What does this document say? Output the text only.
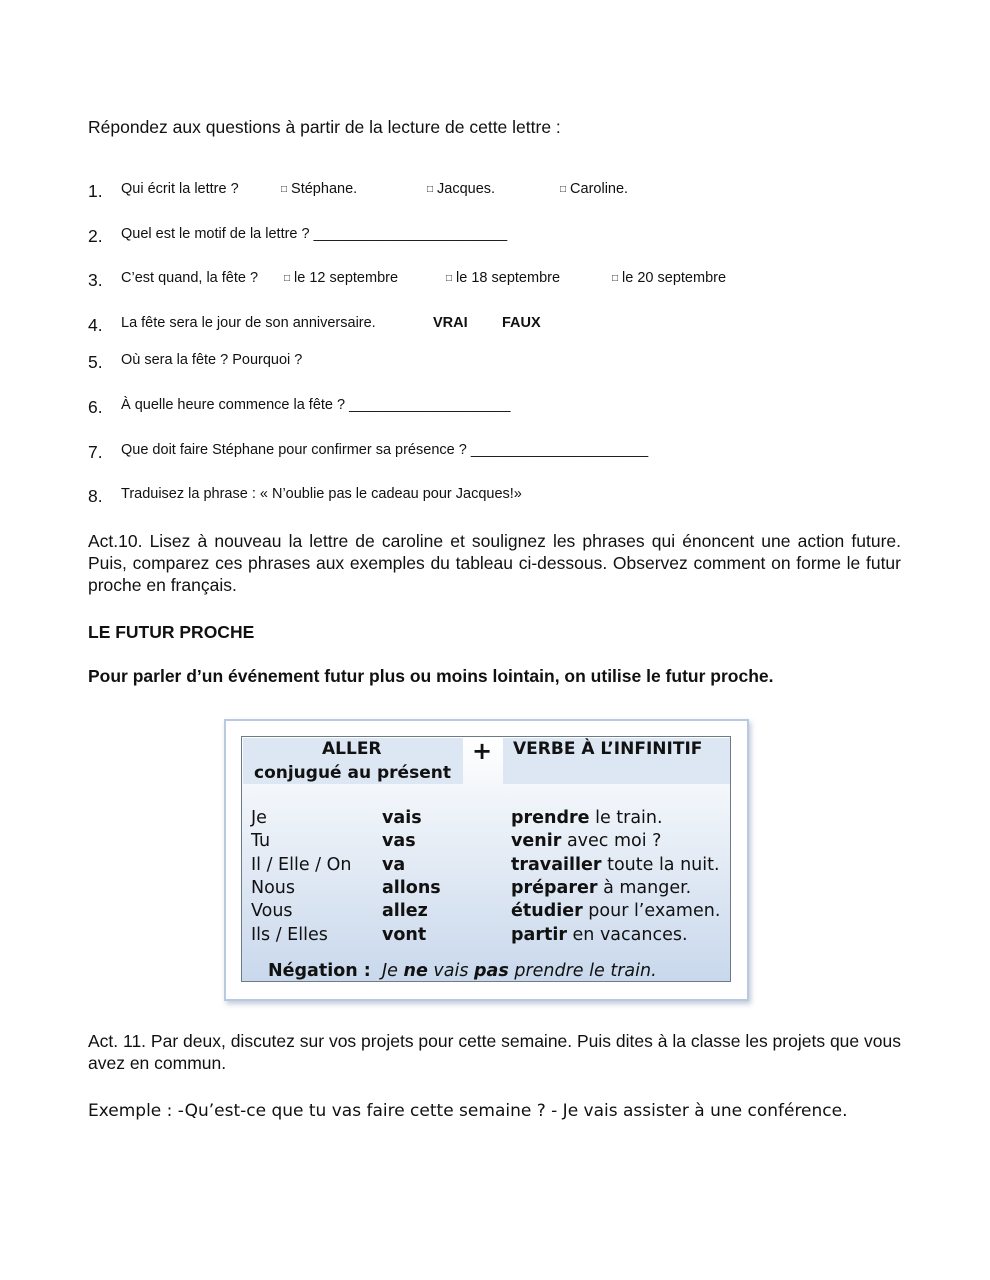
Répondez aux questions à partir de la lecture de cette lettre :
1. Qui écrit la lettre ?	□ Stéphane.	□ Jacques.	□ Caroline.
2. Quel est le motif de la lettre ? ________________________
3. C’est quand, la fête ?	□ le 12 septembre	□ le 18 septembre	□ le 20 septembre
4. La fête sera le jour de son anniversaire.	VRAI FAUX
5. Où sera la fête ? Pourquoi ?
6. À quelle heure commence la fête ? ____________________
7. Que doit faire Stéphane pour confirmer sa présence ? ______________________
8. Traduisez la phrase : « N’oublie pas le cadeau pour Jacques!»
Act.10. Lisez à nouveau la lettre de caroline et soulignez les phrases qui énoncent une action future. Puis, comparez ces phrases aux exemples du tableau ci-dessous. Observez comment on forme le futur proche en français.
LE FUTUR PROCHE
Pour parler d’un événement futur plus ou moins lointain, on utilise le futur proche.
ALLER
conjugué au présent
+ VERBE À L’INFINITIF
Je	vais	prendre le train.
Tu	vas	venir avec moi ?
Il / Elle / On va	travailler toute la nuit.
Nous	allons	préparer à manger.
Vous	allez	étudier pour l’examen.
Ils / Elles	vont	partir en vacances.
Négation : Je ne vais pas prendre le train.
Act. 11. Par deux, discutez sur vos projets pour cette semaine. Puis dites à la classe les projets que vous avez en commun.
Exemple : -Qu’est-ce que tu vas faire cette semaine ? - Je vais assister à une conférence.
